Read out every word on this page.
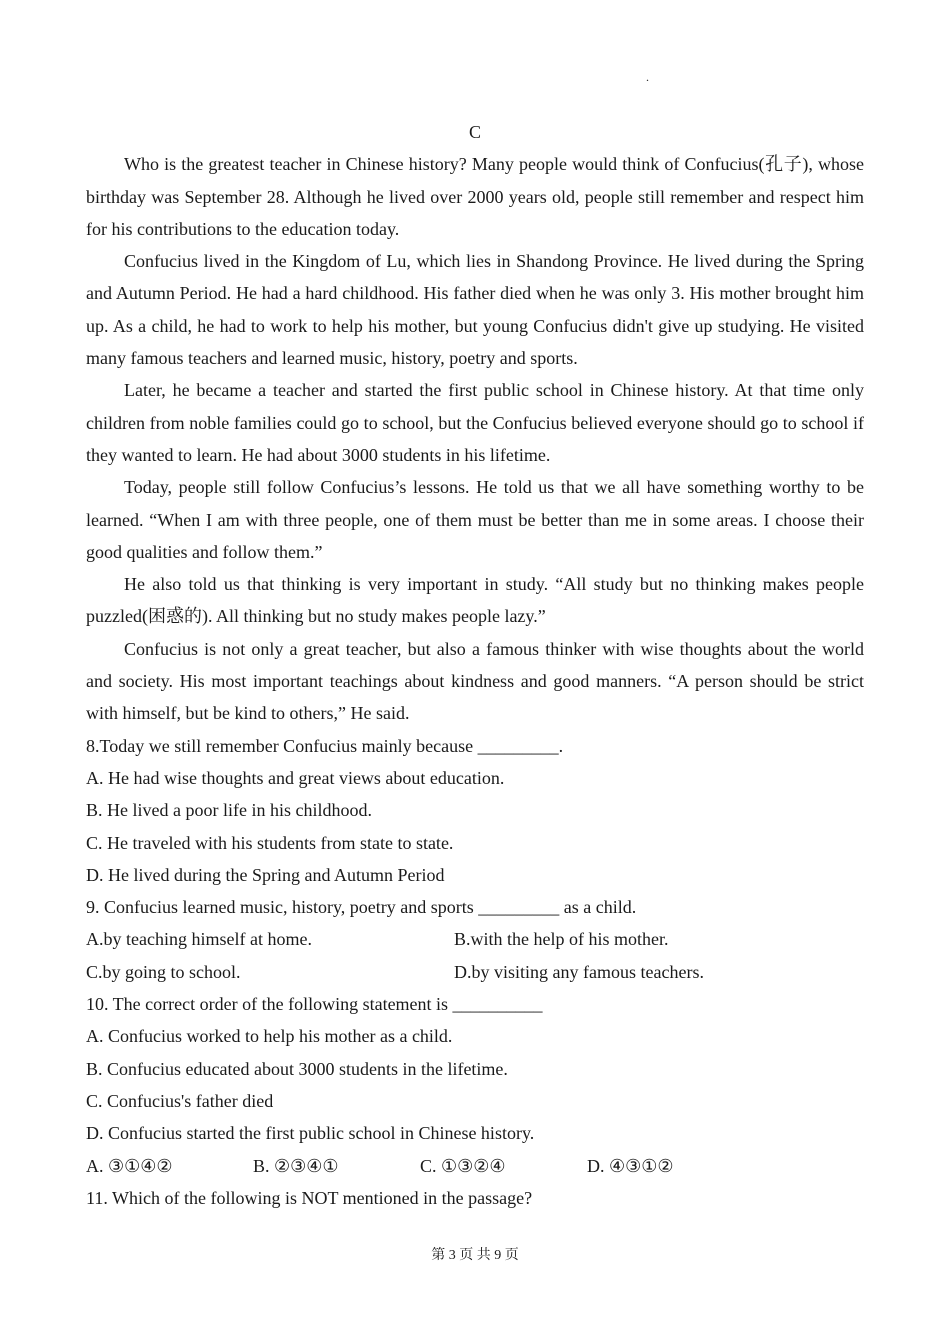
.
C

Who is the greatest teacher in Chinese history? Many people would think of Confucius(孔子), whose birthday was September 28. Although he lived over 2000 years old, people still remember and respect him for his contributions to the education today.

Confucius lived in the Kingdom of Lu, which lies in Shandong Province. He lived during the Spring and Autumn Period. He had a hard childhood. His father died when he was only 3. His mother brought him up. As a child, he had to work to help his mother, but young Confucius didn't give up studying. He visited many famous teachers and learned music, history, poetry and sports.

Later, he became a teacher and started the first public school in Chinese history. At that time only children from noble families could go to school, but the Confucius believed everyone should go to school if they wanted to learn. He had about 3000 students in his lifetime.

Today, people still follow Confucius’s lessons. He told us that we all have something worthy to be learned. “When I am with three people, one of them must be better than me in some areas. I choose their good qualities and follow them.”

He also told us that thinking is very important in study. “All study but no thinking makes people puzzled(困惑的). All thinking but no study makes people lazy.”

Confucius is not only a great teacher, but also a famous thinker with wise thoughts about the world and society. His most important teachings about kindness and good manners. “A person should be strict with himself, but be kind to others,” He said.

8.Today we still remember Confucius mainly because _________.

A. He had wise thoughts and great views about education.

B. He lived a poor life in his childhood.

C. He traveled with his students from state to state.

D. He lived during the Spring and Autumn Period

9. Confucius learned music, history, poetry and sports _________ as a child.

A.by teaching himself at home.	B.with the help of his mother.
C.by going to school.	D.by visiting any famous teachers.

10. The correct order of the following statement is __________

A. Confucius worked to help his mother as a child.

B. Confucius educated about 3000 students in the lifetime.

C. Confucius's father died

D. Confucius started the first public school in Chinese history.

A. ③①④②	B. ②③④①	C. ①③②④	D. ④③①②

11. Which of the following is NOT mentioned in the passage?

第 3 页 共 9 页
